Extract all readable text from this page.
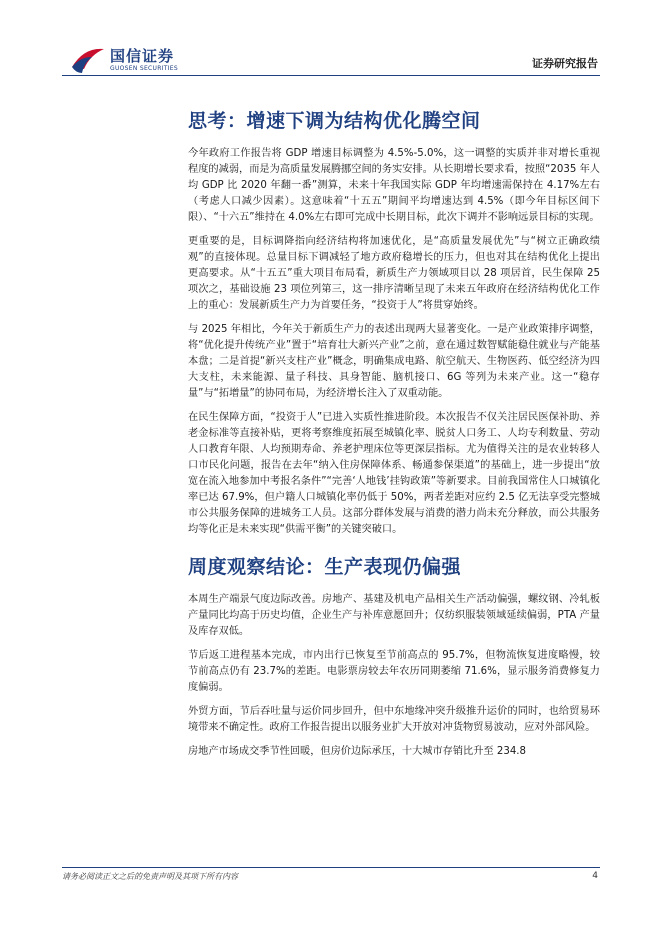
国信证券
GUOSEN SECURITIES	证券研究报告
思考：增速下调为结构优化腾空间

今年政府工作报告将 GDP 增速目标调整为 4.5%-5.0%，这一调整的实质并非对增长重视程度的减弱，而是为高质量发展腾挪空间的务实安排。从长期增长要求看，按照“2035 年人均 GDP 比 2020 年翻一番”测算，未来十年我国实际 GDP 年均增速需保持在 4.17%左右（考虑人口减少因素）。这意味着“十五五”期间平均增速达到 4.5%（即今年目标区间下限）、“十六五”维持在 4.0%左右即可完成中长期目标，此次下调并不影响远景目标的实现。

更重要的是，目标调降指向经济结构将加速优化，是“高质量发展优先”与“树立正确政绩观”的直接体现。总量目标下调减轻了地方政府稳增长的压力，但也对其在结构优化上提出更高要求。从“十五五”重大项目布局看，新质生产力领域项目以 28 项居首，民生保障 25 项次之，基础设施 23 项位列第三，这一排序清晰呈现了未来五年政府在经济结构优化工作上的重心：发展新质生产力为首要任务，“投资于人”将贯穿始终。

与 2025 年相比，今年关于新质生产力的表述出现两大显著变化。一是产业政策排序调整，将“优化提升传统产业”置于“培育壮大新兴产业”之前，意在通过数智赋能稳住就业与产能基本盘；二是首提“新兴支柱产业”概念，明确集成电路、航空航天、生物医药、低空经济为四大支柱，未来能源、量子科技、具身智能、脑机接口、6G 等列为未来产业。这一“稳存量”与“拓增量”的协同布局，为经济增长注入了双重动能。

在民生保障方面，“投资于人”已进入实质性推进阶段。本次报告不仅关注居民医保补助、养老金标准等直接补贴，更将考察维度拓展至城镇化率、脱贫人口务工、人均专利数量、劳动人口教育年限、人均预期寿命、养老护理床位等更深层指标。尤为值得关注的是农业转移人口市民化问题，报告在去年“纳入住房保障体系、畅通参保渠道”的基础上，进一步提出“放宽在流入地参加中考报名条件”“完善‘人地钱’挂钩政策”等新要求。目前我国常住人口城镇化率已达 67.9%，但户籍人口城镇化率仍低于 50%，两者差距对应约 2.5 亿无法享受完整城市公共服务保障的进城务工人员。这部分群体发展与消费的潜力尚未充分释放，而公共服务均等化正是未来实现“供需平衡”的关键突破口。

周度观察结论：生产表现仍偏强

本周生产端景气度边际改善。房地产、基建及机电产品相关生产活动偏强，螺纹钢、冷轧板产量同比均高于历史均值，企业生产与补库意愿回升；仅纺织服装领域延续偏弱，PTA 产量及库存双低。

节后返工进程基本完成，市内出行已恢复至节前高点的 95.7%，但物流恢复进度略慢，较节前高点仍有 23.7%的差距。电影票房较去年农历同期萎缩 71.6%，显示服务消费修复力度偏弱。

外贸方面，节后吞吐量与运价同步回升，但中东地缘冲突升级推升运价的同时，也给贸易环境带来不确定性。政府工作报告提出以服务业扩大开放对冲货物贸易波动，应对外部风险。

房地产市场成交季节性回暖，但房价边际承压，十大城市存销比升至 234.8

请务必阅读正文之后的免责声明及其项下所有内容	4
